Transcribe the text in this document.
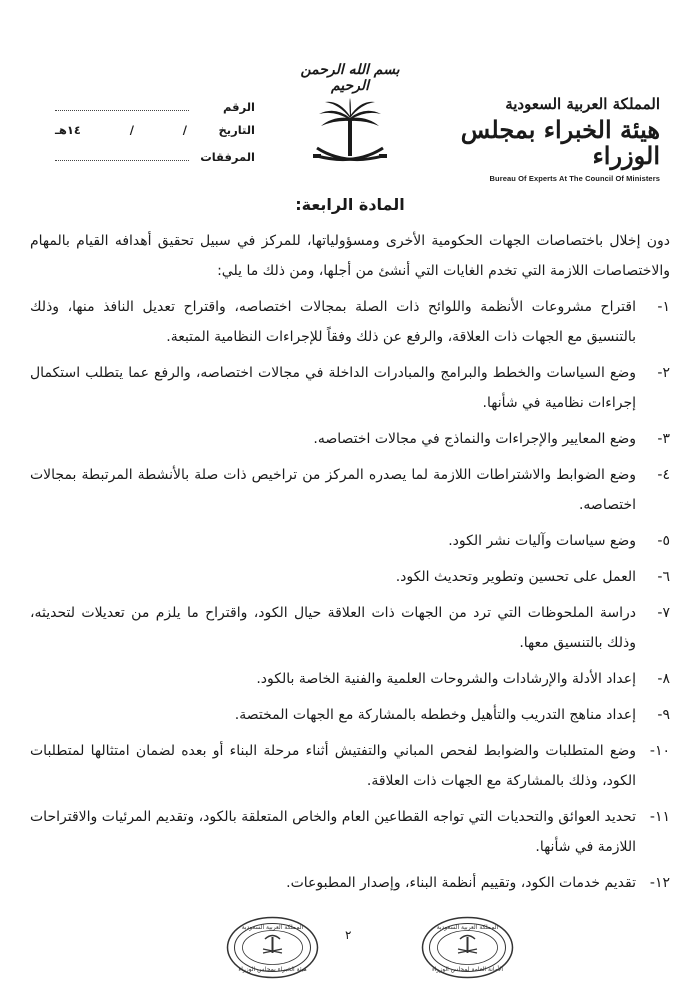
المملكة العربية السعودية
هيئة الخبراء بمجلس الوزراء
Bureau Of Experts At The Council Of Ministers
بسم الله الرحمن الرحيم
الرقم
التاريخ
١٤هـ	/	/
المرفقات
المادة الرابعة:

دون إخلال باختصاصات الجهات الحكومية الأخرى ومسؤولياتها، للمركز في سبيل تحقيق أهدافه القيام بالمهام والاختصاصات اللازمة التي تخدم الغايات التي أنشئ من أجلها، ومن ذلك ما يلي:

١-
اقتراح مشروعات الأنظمة واللوائح ذات الصلة بمجالات اختصاصه، واقتراح تعديل النافذ منها، وذلك بالتنسيق مع الجهات ذات العلاقة، والرفع عن ذلك وفقاً للإجراءات النظامية المتبعة.
٢-
وضع السياسات والخطط والبرامج والمبادرات الداخلة في مجالات اختصاصه، والرفع عما يتطلب استكمال إجراءات نظامية في شأنها.
٣-
وضع المعايير والإجراءات والنماذج في مجالات اختصاصه.
٤-
وضع الضوابط والاشتراطات اللازمة لما يصدره المركز من تراخيص ذات صلة بالأنشطة المرتبطة بمجالات اختصاصه.
٥-
وضع سياسات وآليات نشر الكود.
٦-
العمل على تحسين وتطوير وتحديث الكود.
٧-
دراسة الملحوظات التي ترد من الجهات ذات العلاقة حيال الكود، واقتراح ما يلزم من تعديلات لتحديثه، وذلك بالتنسيق معها.
٨-
إعداد الأدلة والإرشادات والشروحات العلمية والفنية الخاصة بالكود.
٩-
إعداد مناهج التدريب والتأهيل وخططه بالمشاركة مع الجهات المختصة.
١٠-
وضع المتطلبات والضوابط لفحص المباني والتفتيش أثناء مرحلة البناء أو بعده لضمان امتثالها لمتطلبات الكود، وذلك بالمشاركة مع الجهات ذات العلاقة.
١١-
تحديد العوائق والتحديات التي تواجه القطاعين العام والخاص المتعلقة بالكود، وتقديم المرئيات والاقتراحات اللازمة في شأنها.
١٢-
تقديم خدمات الكود، وتقييم أنظمة البناء، وإصدار المطبوعات.
المملكة العربية السعودية
هيئة الخبراء بمجلس الوزراء
٢
المملكة العربية السعودية
الأمانة العامة لمجلس الوزراء
